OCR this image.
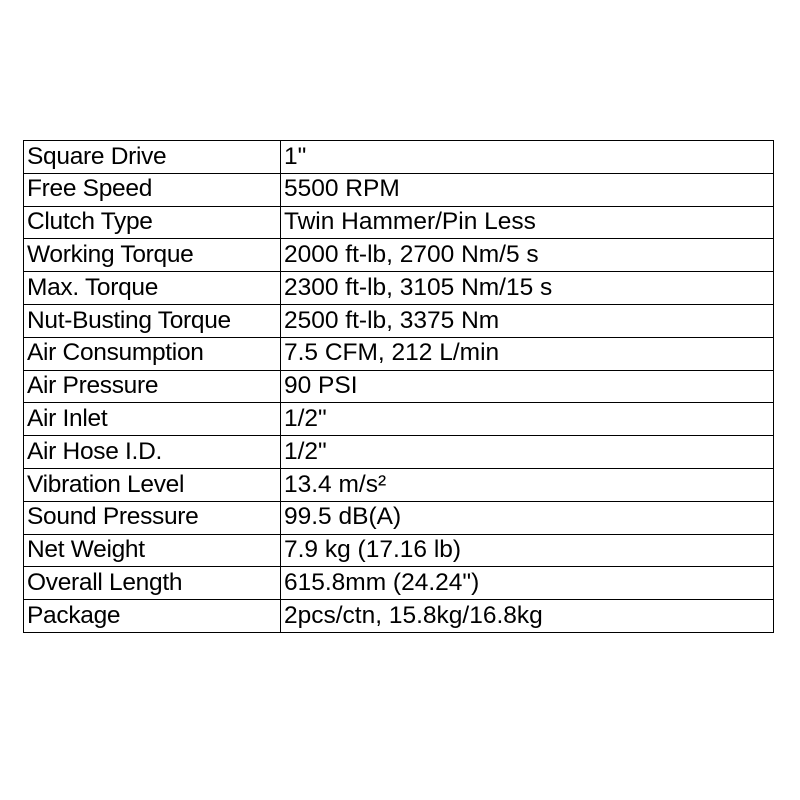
Square Drive	1"
Free Speed	5500 RPM
Clutch Type	Twin Hammer/Pin Less
Working Torque	2000 ft-lb, 2700 Nm/5 s
Max. Torque	2300 ft-lb, 3105 Nm/15 s
Nut-Busting Torque	2500 ft-lb, 3375 Nm
Air Consumption	7.5 CFM, 212 L/min
Air Pressure	90 PSI
Air Inlet	1/2"
Air Hose I.D.	1/2"
Vibration Level	13.4 m/s²
Sound Pressure	99.5 dB(A)
Net Weight	7.9 kg (17.16 lb)
Overall Length	615.8mm (24.24")
Package	2pcs/ctn, 15.8kg/16.8kg
